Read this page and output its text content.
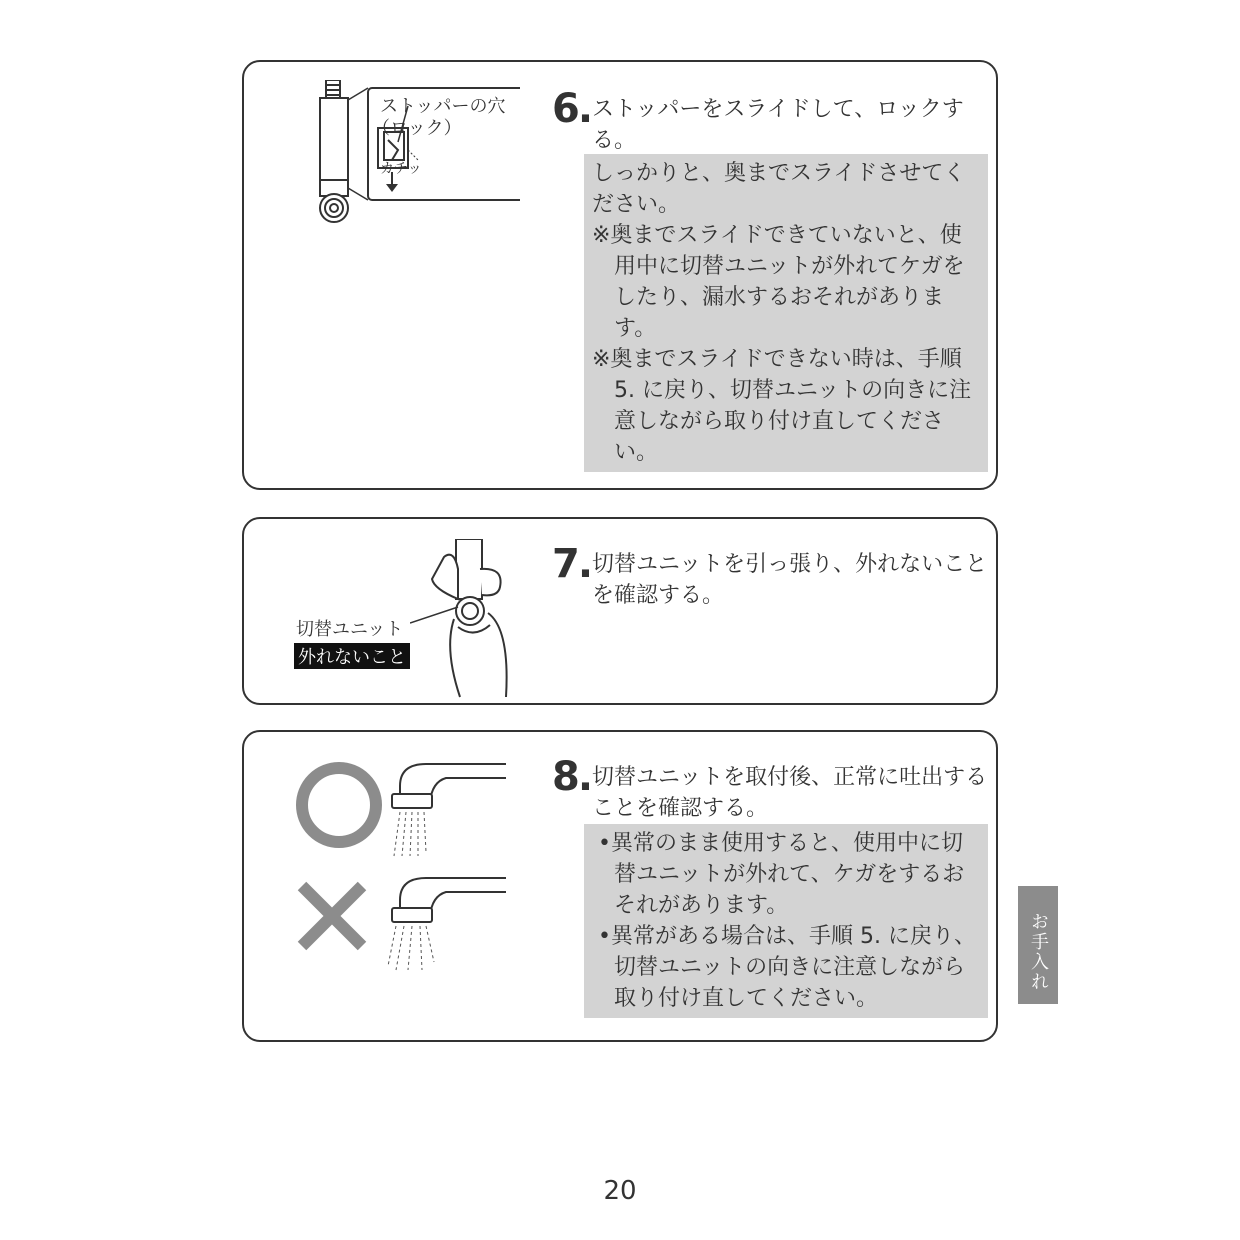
ストッパーの穴
（ロック）
カチッ
6. ストッパーをスライドして、ロックする。

しっかりと、奥までスライドさせてください。

※奥までスライドできていないと、使用中に切替ユニットが外れてケガをしたり、漏水するおそれがあります。

※奥までスライドできない時は、手順 5. に戻り、切替ユニットの向きに注意しながら取り付け直してください。

切替ユニット
外れないこと
7. 切替ユニットを引っ張り、外れないことを確認する。
8. 切替ユニットを取付後、正常に吐出することを確認する。

•異常のまま使用すると、使用中に切替ユニットが外れて、ケガをするおそれがあります。

•異常がある場合は、手順 5. に戻り、切替ユニットの向きに注意しながら取り付け直してください。

お手入れ
20
